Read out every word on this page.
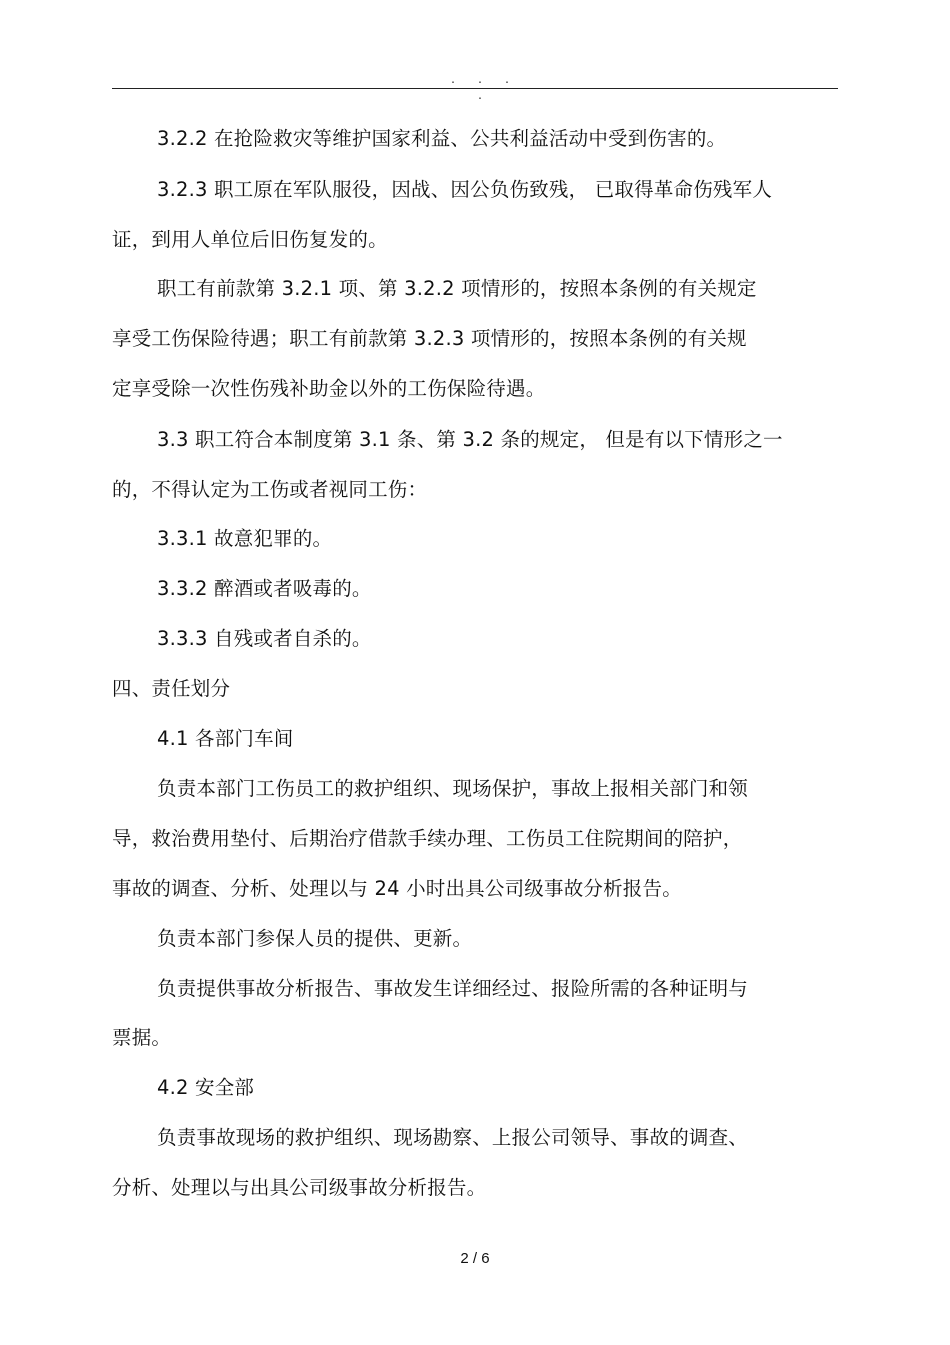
. . . .
3.2.2 在抢险救灾等维护国家利益、公共利益活动中受到伤害的。
3.2.3 职工原在军队服役，因战、因公负伤致残， 已取得革命伤残军人
证，到用人单位后旧伤复发的。
职工有前款第 3.2.1 项、第 3.2.2 项情形的，按照本条例的有关规定
享受工伤保险待遇；职工有前款第 3.2.3 项情形的，按照本条例的有关规
定享受除一次性伤残补助金以外的工伤保险待遇。
3.3 职工符合本制度第 3.1 条、第 3.2 条的规定， 但是有以下情形之一
的，不得认定为工伤或者视同工伤：
3.3.1 故意犯罪的。
3.3.2 醉酒或者吸毒的。
3.3.3 自残或者自杀的。
四、责任划分
4.1 各部门车间
负责本部门工伤员工的救护组织、现场保护，事故上报相关部门和领
导，救治费用垫付、后期治疗借款手续办理、工伤员工住院期间的陪护，
事故的调查、分析、处理以与 24 小时出具公司级事故分析报告。
负责本部门参保人员的提供、更新。
负责提供事故分析报告、事故发生详细经过、报险所需的各种证明与
票据。
4.2 安全部
负责事故现场的救护组织、现场勘察、上报公司领导、事故的调查、
分析、处理以与出具公司级事故分析报告。
2 / 6
